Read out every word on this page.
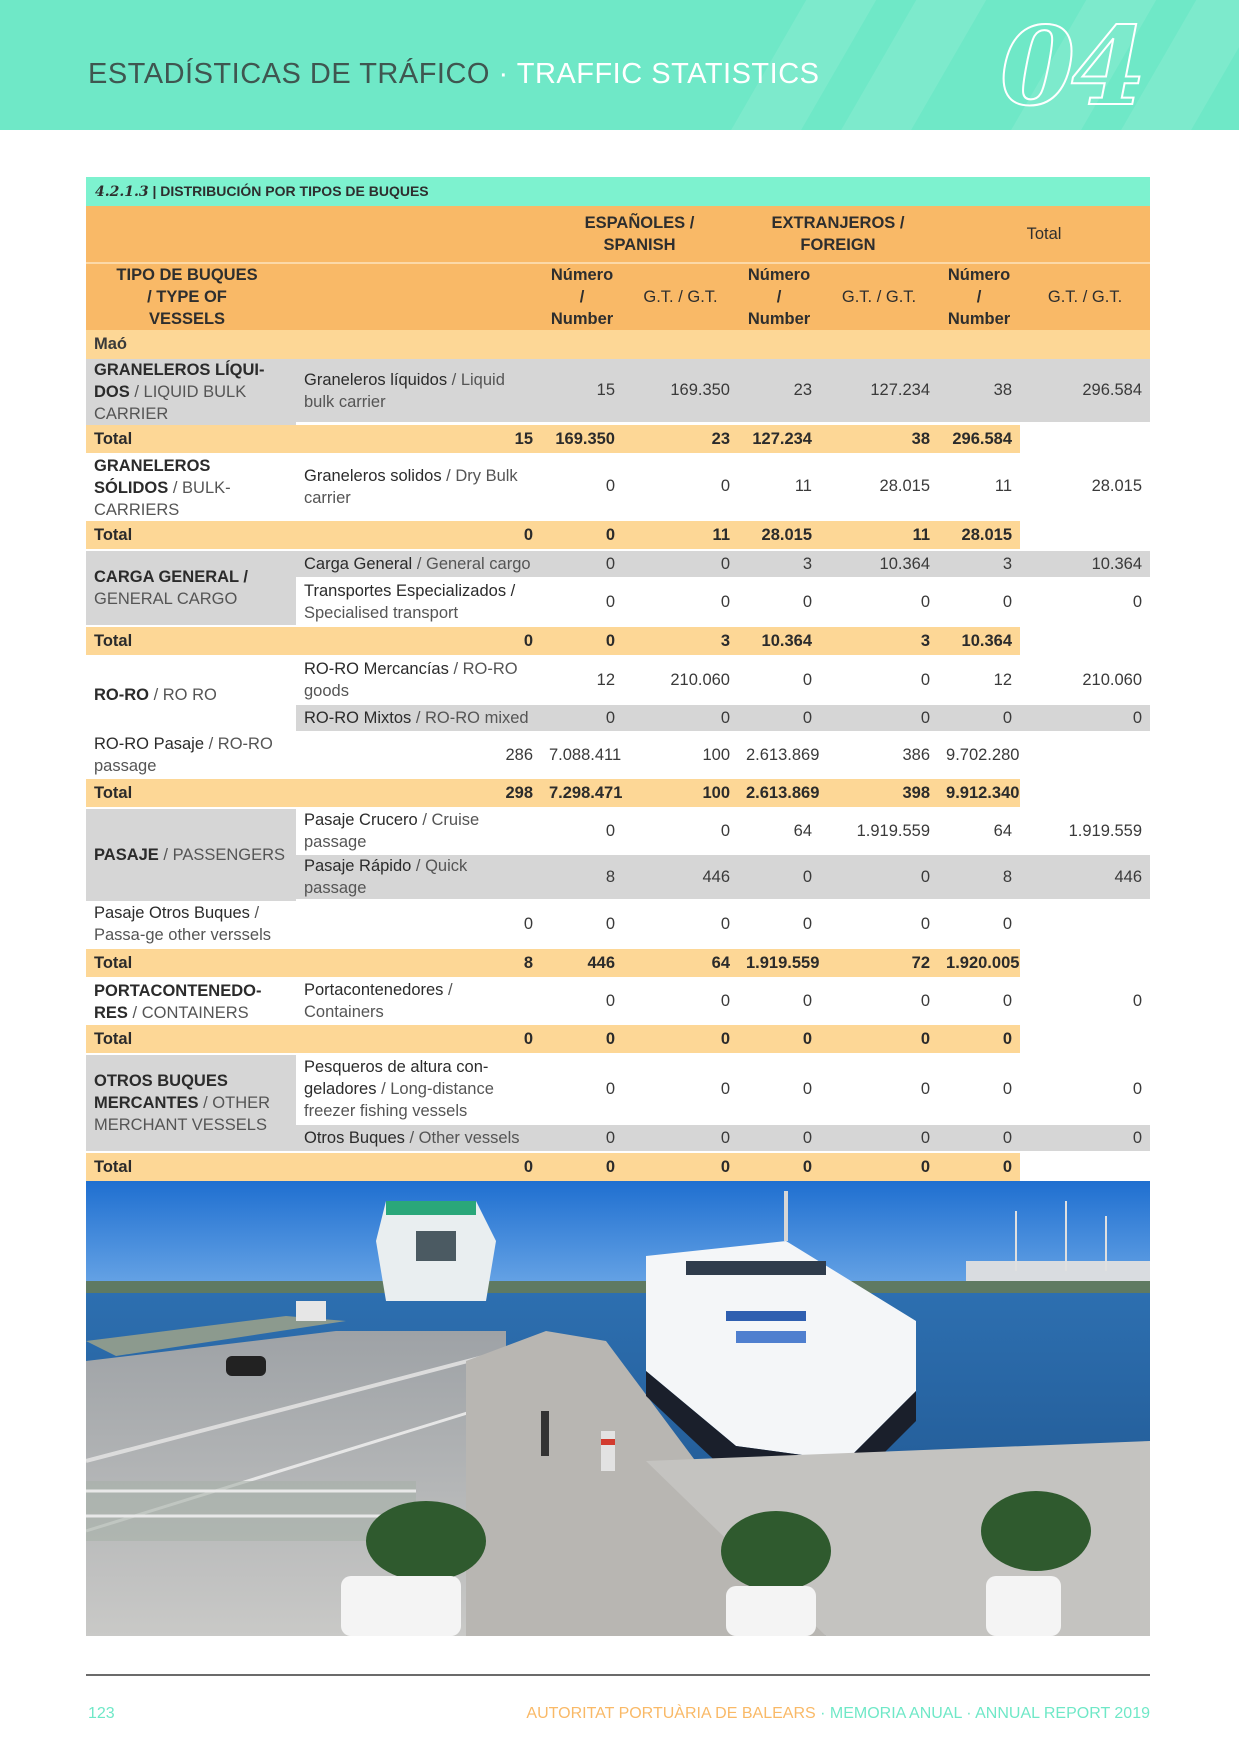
ESTADÍSTICAS DE TRÁFICO · TRAFFIC STATISTICS 04
4.2.1.3 | DISTRIBUCIÓN POR TIPOS DE BUQUES
		ESPAÑOLES / SPANISH		EXTRANJEROS / FOREIGN		Total	

TIPO DE BUQUES / TYPE OF VESSELS		Número / Number	G.T. / G.T.	Número / Number	G.T. / G.T.	Número / Number	G.T. / G.T.
Maó							
GRANELEROS LÍQUI-DOS / LIQUID BULK CARRIER	Graneleros líquidos / Liquid bulk carrier	15	169.350	23	127.234	38	296.584

Total	15	169.350	23	127.234	38	296.584	

GRANELEROS SÓLIDOS / BULK-CARRIERS	Graneleros solidos / Dry Bulk carrier	0	0	11	28.015	11	28.015

Total	0	0	11	28.015	11	28.015	

CARGA GENERAL / GENERAL CARGO	Carga General / General cargo	0	0	3	10.364	3	10.364

	Transportes Especializados / Specialised transport	0	0	0	0	0	0

Total	0	0	3	10.364	3	10.364	

RO-RO / RO RO	RO-RO Mercancías / RO-RO goods	12	210.060	0	0	12	210.060

	RO-RO Mixtos / RO-RO mixed	0	0	0	0	0	0

RO-RO Pasaje / RO-RO passage	286	7.088.411	100	2.613.869	386	9.702.280	

Total	298	7.298.471	100	2.613.869	398	9.912.340	

PASAJE / PASSENGERS	Pasaje Crucero / Cruise passage	0	0	64	1.919.559	64	1.919.559

	Pasaje Rápido / Quick passage	8	446	0	0	8	446

Pasaje Otros Buques / Passa-ge other verssels	0	0	0	0	0	0	

Total	8	446	64	1.919.559	72	1.920.005	

PORTACONTENEDO-RES / CONTAINERS	Portacontenedores / Containers	0	0	0	0	0	0

Total	0	0	0	0	0	0	

OTROS BUQUES MERCANTES / OTHER MERCHANT VESSELS	Pesqueros de altura con-geladores / Long-distance freezer fishing vessels	0	0	0	0	0	0

	Otros Buques / Other vessels	0	0	0	0	0	0

Total	0	0	0	0	0	0	

123	AUTORITAT PORTUÀRIA DE BALEARS · MEMORIA ANUAL · ANNUAL REPORT 2019
